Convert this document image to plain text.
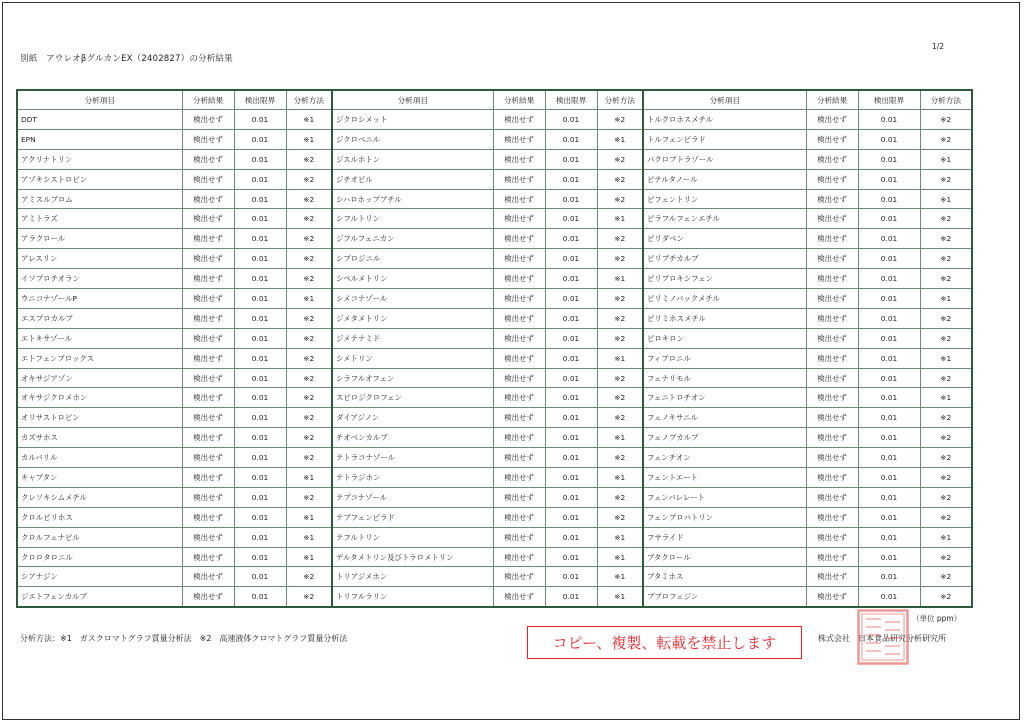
別紙　アウレオβグルカンEX（2402827）の分析結果
1/2
分析項目	分析結果	検出限界	分析方法	分析項目	分析結果	検出限界	分析方法	分析項目	分析結果	検出限界	分析方法
DDT	検出せず	0.01	※1	ジクロシメット	検出せず	0.01	※2	トルクロホスメチル	検出せず	0.01	※2
EPN	検出せず	0.01	※1	ジクロベニル	検出せず	0.01	※1	トルフェンピラド	検出せず	0.01	※2
アクリナトリン	検出せず	0.01	※2	ジスルホトン	検出せず	0.01	※2	パクロブトラゾール	検出せず	0.01	※1
アゾキシストロビン	検出せず	0.01	※2	ジチオピル	検出せず	0.01	※2	ビテルタノール	検出せず	0.01	※2
アミスルブロム	検出せず	0.01	※2	シハロホップブチル	検出せず	0.01	※2	ビフェントリン	検出せず	0.01	※1
アミトラズ	検出せず	0.01	※2	シフルトリン	検出せず	0.01	※1	ピラフルフェンエチル	検出せず	0.01	※2
アラクロール	検出せず	0.01	※2	ジフルフェニカン	検出せず	0.01	※2	ピリダベン	検出せず	0.01	※2
アレスリン	検出せず	0.01	※2	シプロジニル	検出せず	0.01	※2	ピリブチカルブ	検出せず	0.01	※2
イソプロチオラン	検出せず	0.01	※2	シペルメトリン	検出せず	0.01	※1	ピリプロキシフェン	検出せず	0.01	※2
ウニコナゾールP	検出せず	0.01	※1	シメコナゾール	検出せず	0.01	※2	ピリミノバックメチル	検出せず	0.01	※1
エスプロカルブ	検出せず	0.01	※2	ジメタメトリン	検出せず	0.01	※2	ピリミホスメチル	検出せず	0.01	※2
エトキサゾール	検出せず	0.01	※2	ジメテナミド	検出せず	0.01	※2	ピロキロン	検出せず	0.01	※2
エトフェンプロックス	検出せず	0.01	※2	シメトリン	検出せず	0.01	※1	フィプロニル	検出せず	0.01	※1
オキサジアゾン	検出せず	0.01	※2	シラフルオフェン	検出せず	0.01	※2	フェナリモル	検出せず	0.01	※2
オキサジクロメホン	検出せず	0.01	※2	スピロジクロフェン	検出せず	0.01	※2	フェニトロチオン	検出せず	0.01	※1
オリサストロビン	検出せず	0.01	※2	ダイアジノン	検出せず	0.01	※2	フェノキサニル	検出せず	0.01	※2
カズサホス	検出せず	0.01	※2	チオベンカルブ	検出せず	0.01	※1	フェノブカルブ	検出せず	0.01	※2
カルバリル	検出せず	0.01	※2	テトラコナゾール	検出せず	0.01	※2	フェンチオン	検出せず	0.01	※2
キャプタン	検出せず	0.01	※1	テトラジホン	検出せず	0.01	※1	フェントエート	検出せず	0.01	※2
クレソキシムメチル	検出せず	0.01	※2	テブコナゾール	検出せず	0.01	※2	フェンバレレート	検出せず	0.01	※2
クロルピリホス	検出せず	0.01	※1	テブフェンピラド	検出せず	0.01	※2	フェンプロパトリン	検出せず	0.01	※2
クロルフェナピル	検出せず	0.01	※1	テフルトリン	検出せず	0.01	※1	フサライド	検出せず	0.01	※1
クロロタロニル	検出せず	0.01	※1	デルタメトリン及びトラロメトリン	検出せず	0.01	※1	ブタクロール	検出せず	0.01	※2
シアナジン	検出せず	0.01	※2	トリアジメホン	検出せず	0.01	※1	ブタミホス	検出せず	0.01	※2
ジエトフェンカルブ	検出せず	0.01	※2	トリフルラリン	検出せず	0.01	※1	ブプロフェジン	検出せず	0.01	※2
（単位 ppm）
分析方法：※1　ガスクロマトグラフ質量分析法　※2　高速液体クロマトグラフ質量分析法	コピー、複製、転載を禁止します	株式会社　日本食品研究分析研究所
